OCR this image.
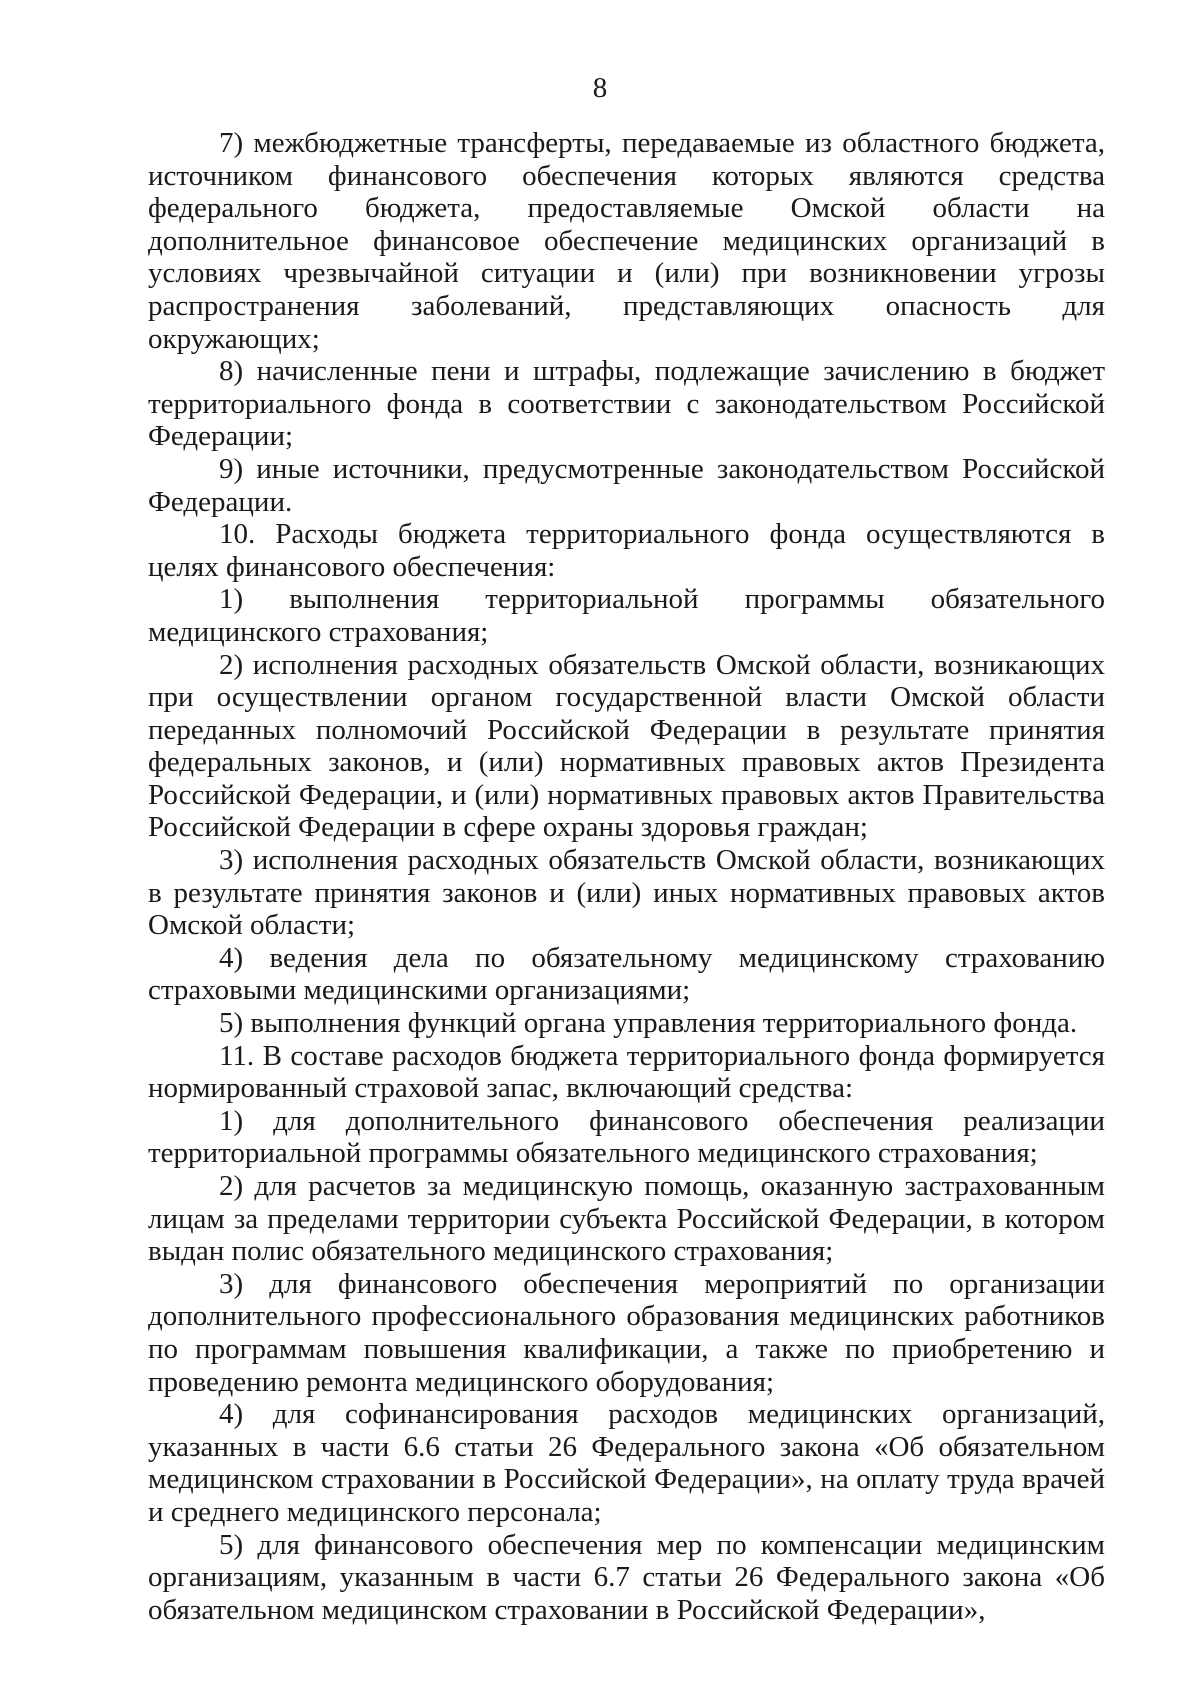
8

7) межбюджетные трансферты, передаваемые из областного бюджета, источником финансового обеспечения которых являются средства федерального бюджета, предоставляемые Омской области на дополнительное финансовое обеспечение медицинских организаций в условиях чрезвычайной ситуации и (или) при возникновении угрозы распространения заболеваний, представляющих опасность для окружающих;

8) начисленные пени и штрафы, подлежащие зачислению в бюджет территориального фонда в соответствии с законодательством Российской Федерации;

9) иные источники, предусмотренные законодательством Российской Федерации.

10. Расходы бюджета территориального фонда осуществляются в целях финансового обеспечения:

1) выполнения территориальной программы обязательного медицинского страхования;

2) исполнения расходных обязательств Омской области, возникающих при осуществлении органом государственной власти Омской области переданных полномочий Российской Федерации в результате принятия федеральных законов, и (или) нормативных правовых актов Президента Российской Федерации, и (или) нормативных правовых актов Правительства Российской Федерации в сфере охраны здоровья граждан;

3) исполнения расходных обязательств Омской области, возникающих в результате принятия законов и (или) иных нормативных правовых актов Омской области;

4) ведения дела по обязательному медицинскому страхованию страховыми медицинскими организациями;

5) выполнения функций органа управления территориального фонда.

11. В составе расходов бюджета территориального фонда формируется нормированный страховой запас, включающий средства:

1) для дополнительного финансового обеспечения реализации территориальной программы обязательного медицинского страхования;

2) для расчетов за медицинскую помощь, оказанную застрахованным лицам за пределами территории субъекта Российской Федерации, в котором выдан полис обязательного медицинского страхования;

3) для финансового обеспечения мероприятий по организации дополнительного профессионального образования медицинских работников по программам повышения квалификации, а также по приобретению и проведению ремонта медицинского оборудования;

4) для софинансирования расходов медицинских организаций, указанных в части 6.6 статьи 26 Федерального закона «Об обязательном медицинском страховании в Российской Федерации», на оплату труда врачей и среднего медицинского персонала;

5) для финансового обеспечения мер по компенсации медицинским организациям, указанным в части 6.7 статьи 26 Федерального закона «Об обязательном медицинском страховании в Российской Федерации»,
